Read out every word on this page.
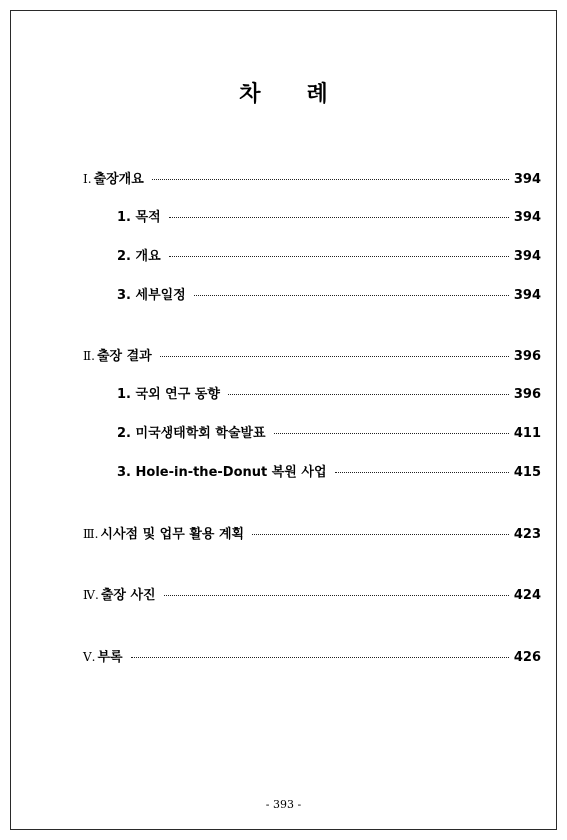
차 례
Ⅰ. 출장개요	394
1. 목적	394
2. 개요	394
3. 세부일정	394
Ⅱ. 출장 결과	396
1. 국외 연구 동향	396
2. 미국생태학회 학술발표	411
3. Hole-in-the-Donut 복원 사업	415
Ⅲ. 시사점 및 업무 활용 계획	423
Ⅳ. 출장 사진	424
Ⅴ. 부록	426
- 393 -
